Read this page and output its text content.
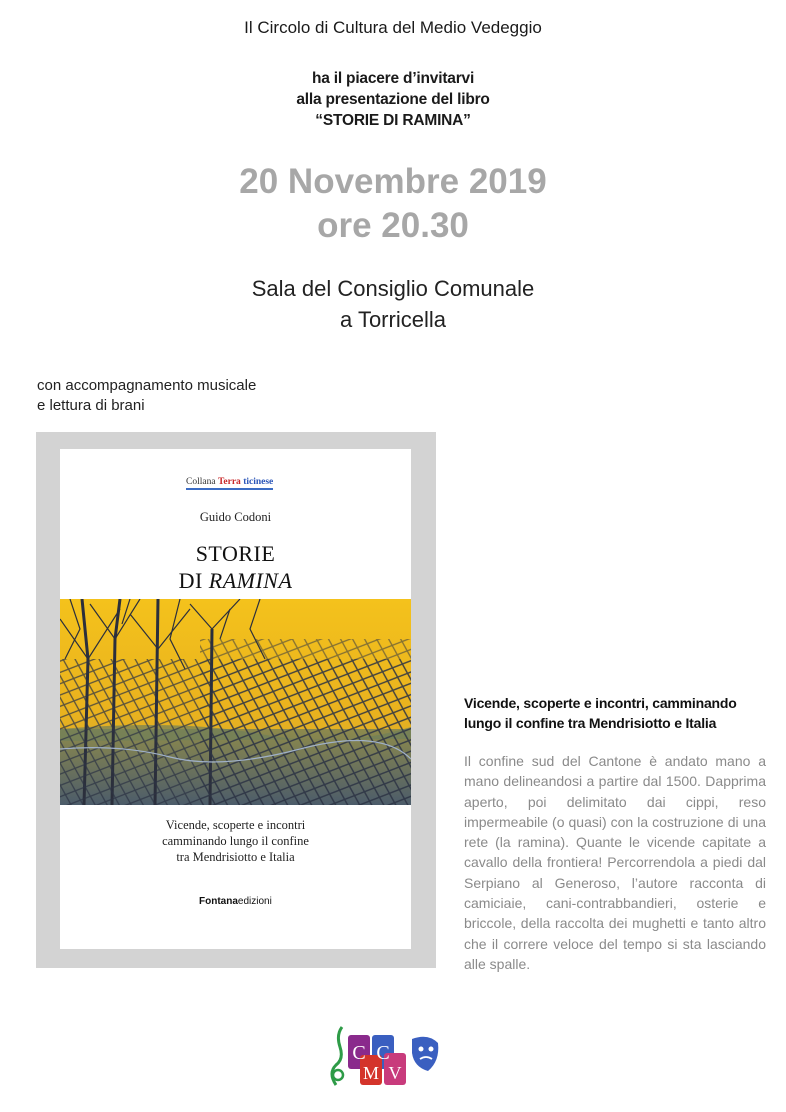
Il Circolo di Cultura del Medio Vedeggio
ha il piacere d’invitarvi
alla presentazione del libro
“STORIE DI RAMINA”
20 Novembre 2019
ore 20.30
Sala del Consiglio Comunale
a Torricella
con accompagnamento musicale
e lettura di brani
Collana Terra ticinese
Guido Codoni
STORIE
DI RAMINA
Vicende, scoperte e incontri
camminando lungo il confine
tra Mendrisiotto e Italia
Fontanaedizioni
Vicende, scoperte e incontri, camminando
lungo il confine tra Mendrisiotto e Italia
Il confine sud del Cantone è andato mano a mano delineandosi a partire dal 1500. Dapprima aperto, poi delimitato dai cippi, reso impermeabile (o quasi) con la costruzione di una rete (la ramina). Quante le vicende capitate a cavallo della frontiera! Percorrendola a piedi dal Serpiano al Generoso, l’autore racconta di camiciaie, cani-contrabbandieri, osterie e briccole, della raccolta dei mughetti e tanto altro che il correre veloce del tempo si sta lasciando alle spalle.
C C
M V
